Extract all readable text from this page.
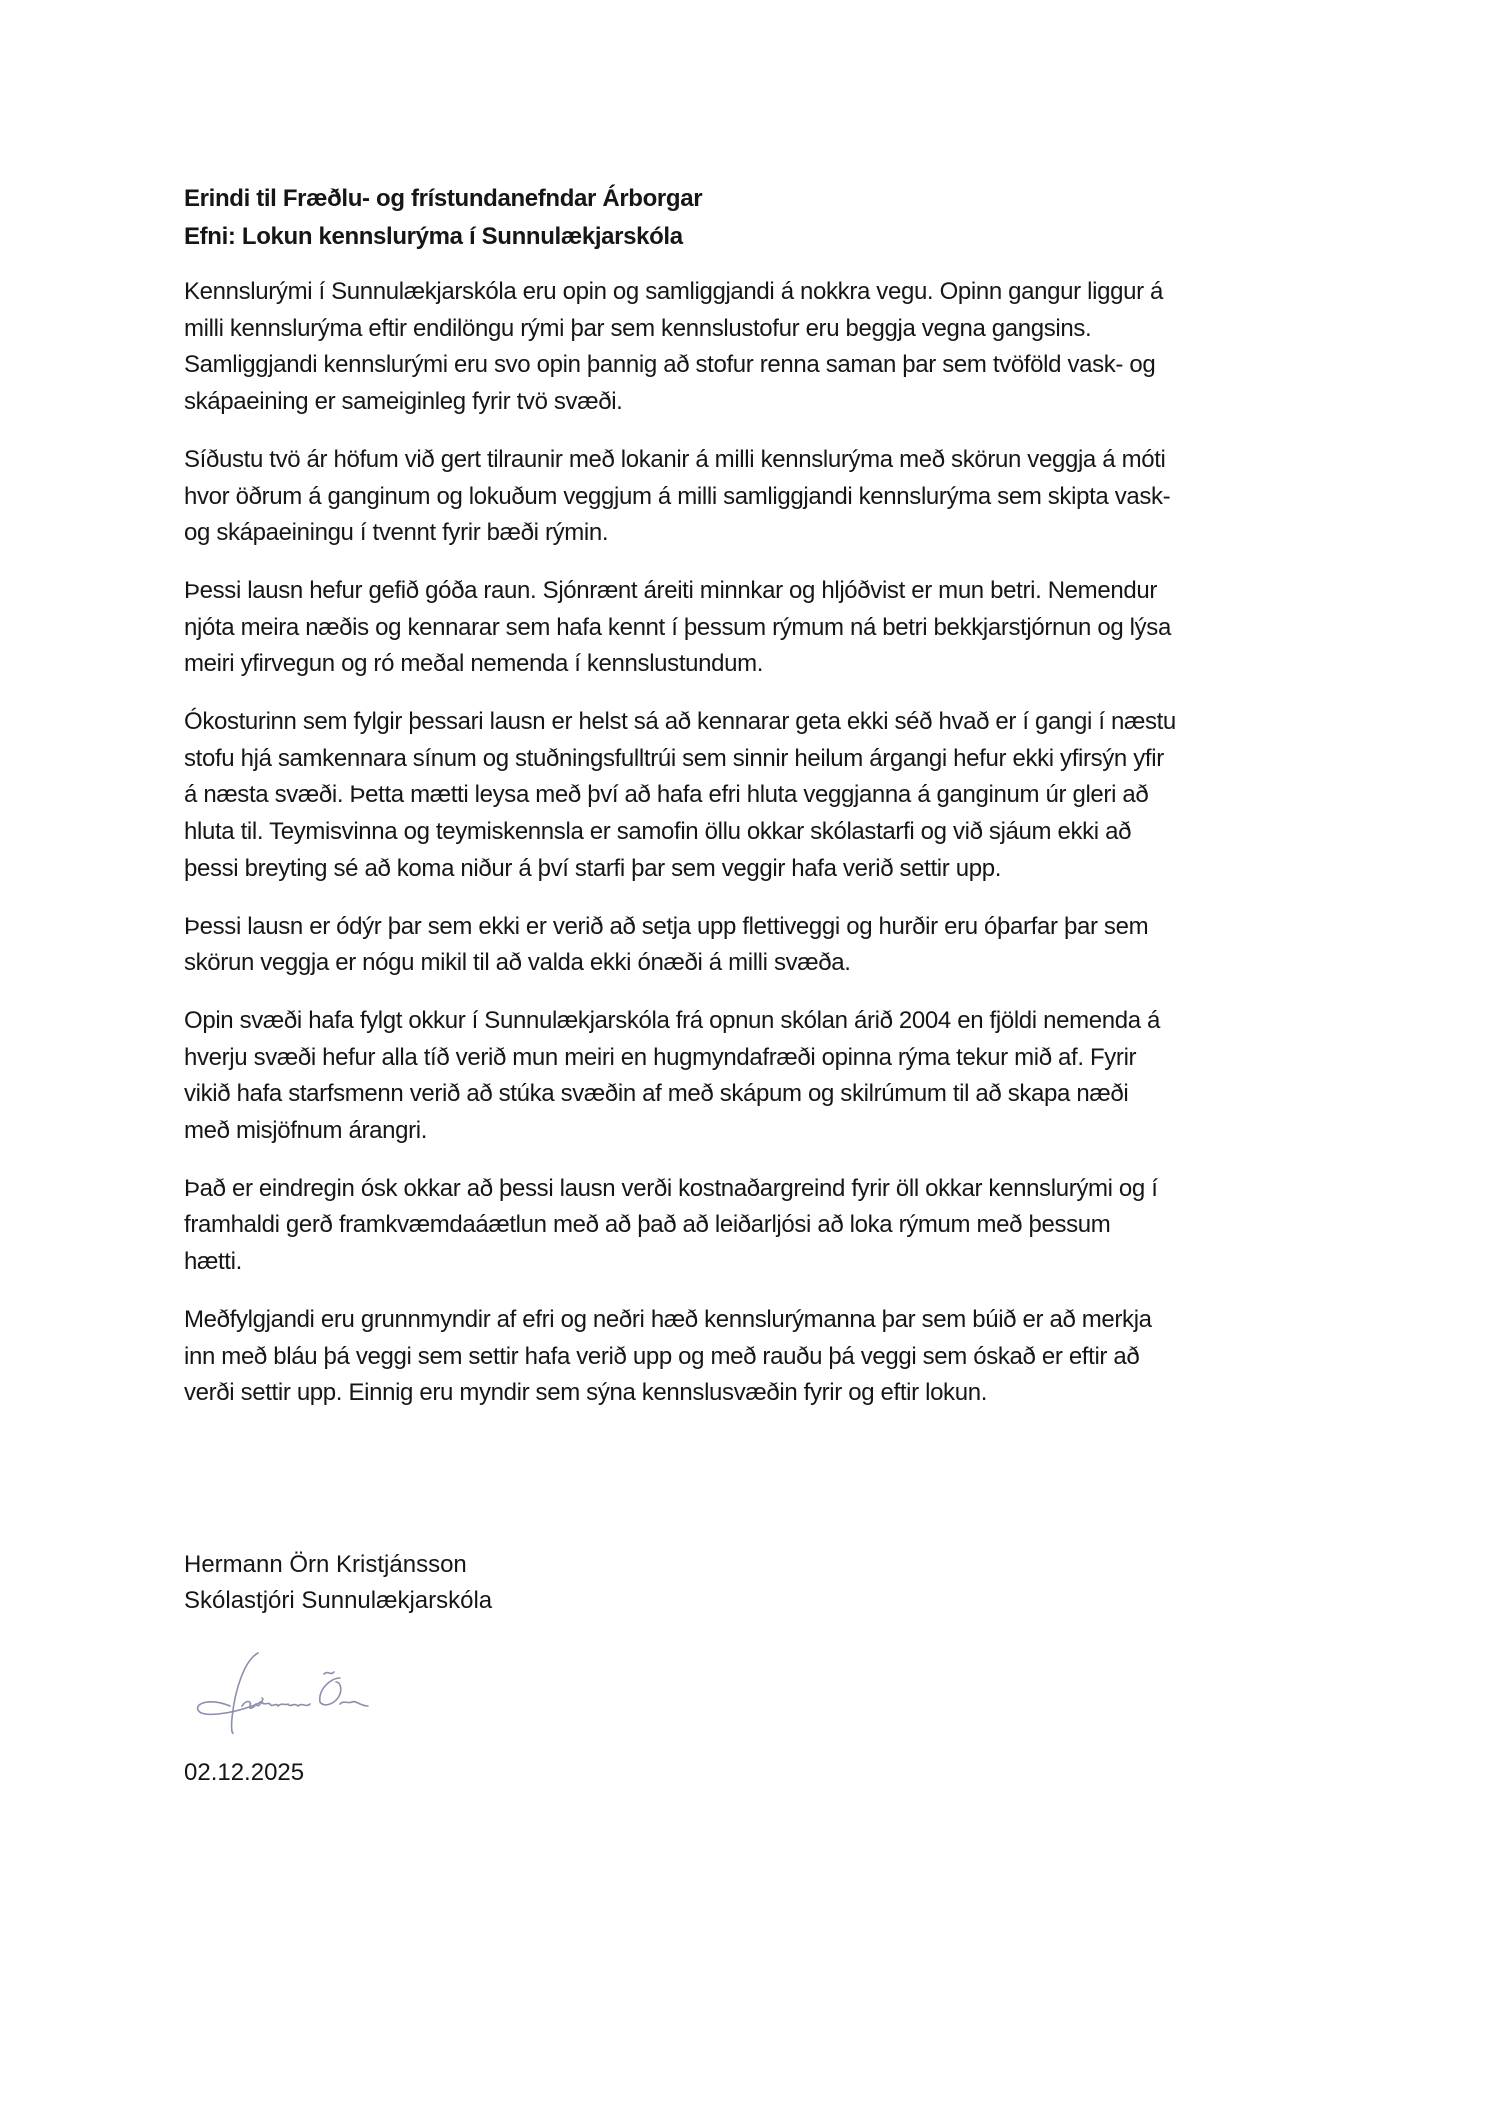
Erindi til Fræðlu- og frístundanefndar Árborgar
Efni: Lokun kennslurýma í Sunnulækjarskóla
Kennslurými í Sunnulækjarskóla eru opin og samliggjandi á nokkra vegu. Opinn gangur liggur á
milli kennslurýma eftir endilöngu rými þar sem kennslustofur eru beggja vegna gangsins.
Samliggjandi kennslurými eru svo opin þannig að stofur renna saman þar sem tvöföld vask- og
skápaeining er sameiginleg fyrir tvö svæði.
Síðustu tvö ár höfum við gert tilraunir með lokanir á milli kennslurýma með skörun veggja á móti
hvor öðrum á ganginum og lokuðum veggjum á milli samliggjandi kennslurýma sem skipta vask-
og skápaeiningu í tvennt fyrir bæði rýmin.
Þessi lausn hefur gefið góða raun. Sjónrænt áreiti minnkar og hljóðvist er mun betri. Nemendur
njóta meira næðis og kennarar sem hafa kennt í þessum rýmum ná betri bekkjarstjórnun og lýsa
meiri yfirvegun og ró meðal nemenda í kennslustundum.
Ókosturinn sem fylgir þessari lausn er helst sá að kennarar geta ekki séð hvað er í gangi í næstu
stofu hjá samkennara sínum og stuðningsfulltrúi sem sinnir heilum árgangi hefur ekki yfirsýn yfir
á næsta svæði. Þetta mætti leysa með því að hafa efri hluta veggjanna á ganginum úr gleri að
hluta til. Teymisvinna og teymiskennsla er samofin öllu okkar skólastarfi og við sjáum ekki að
þessi breyting sé að koma niður á því starfi þar sem veggir hafa verið settir upp.
Þessi lausn er ódýr þar sem ekki er verið að setja upp flettiveggi og hurðir eru óþarfar þar sem
skörun veggja er nógu mikil til að valda ekki ónæði á milli svæða.
Opin svæði hafa fylgt okkur í Sunnulækjarskóla frá opnun skólan árið 2004 en fjöldi nemenda á
hverju svæði hefur alla tíð verið mun meiri en hugmyndafræði opinna rýma tekur mið af. Fyrir
vikið hafa starfsmenn verið að stúka svæðin af með skápum og skilrúmum til að skapa næði
með misjöfnum árangri.
Það er eindregin ósk okkar að þessi lausn verði kostnaðargreind fyrir öll okkar kennslurými og í
framhaldi gerð framkvæmdaáætlun með að það að leiðarljósi að loka rýmum með þessum
hætti.
Meðfylgjandi eru grunnmyndir af efri og neðri hæð kennslurýmanna þar sem búið er að merkja
inn með bláu þá veggi sem settir hafa verið upp og með rauðu þá veggi sem óskað er eftir að
verði settir upp. Einnig eru myndir sem sýna kennslusvæðin fyrir og eftir lokun.
Hermann Örn Kristjánsson
Skólastjóri Sunnulækjarskóla
02.12.2025
